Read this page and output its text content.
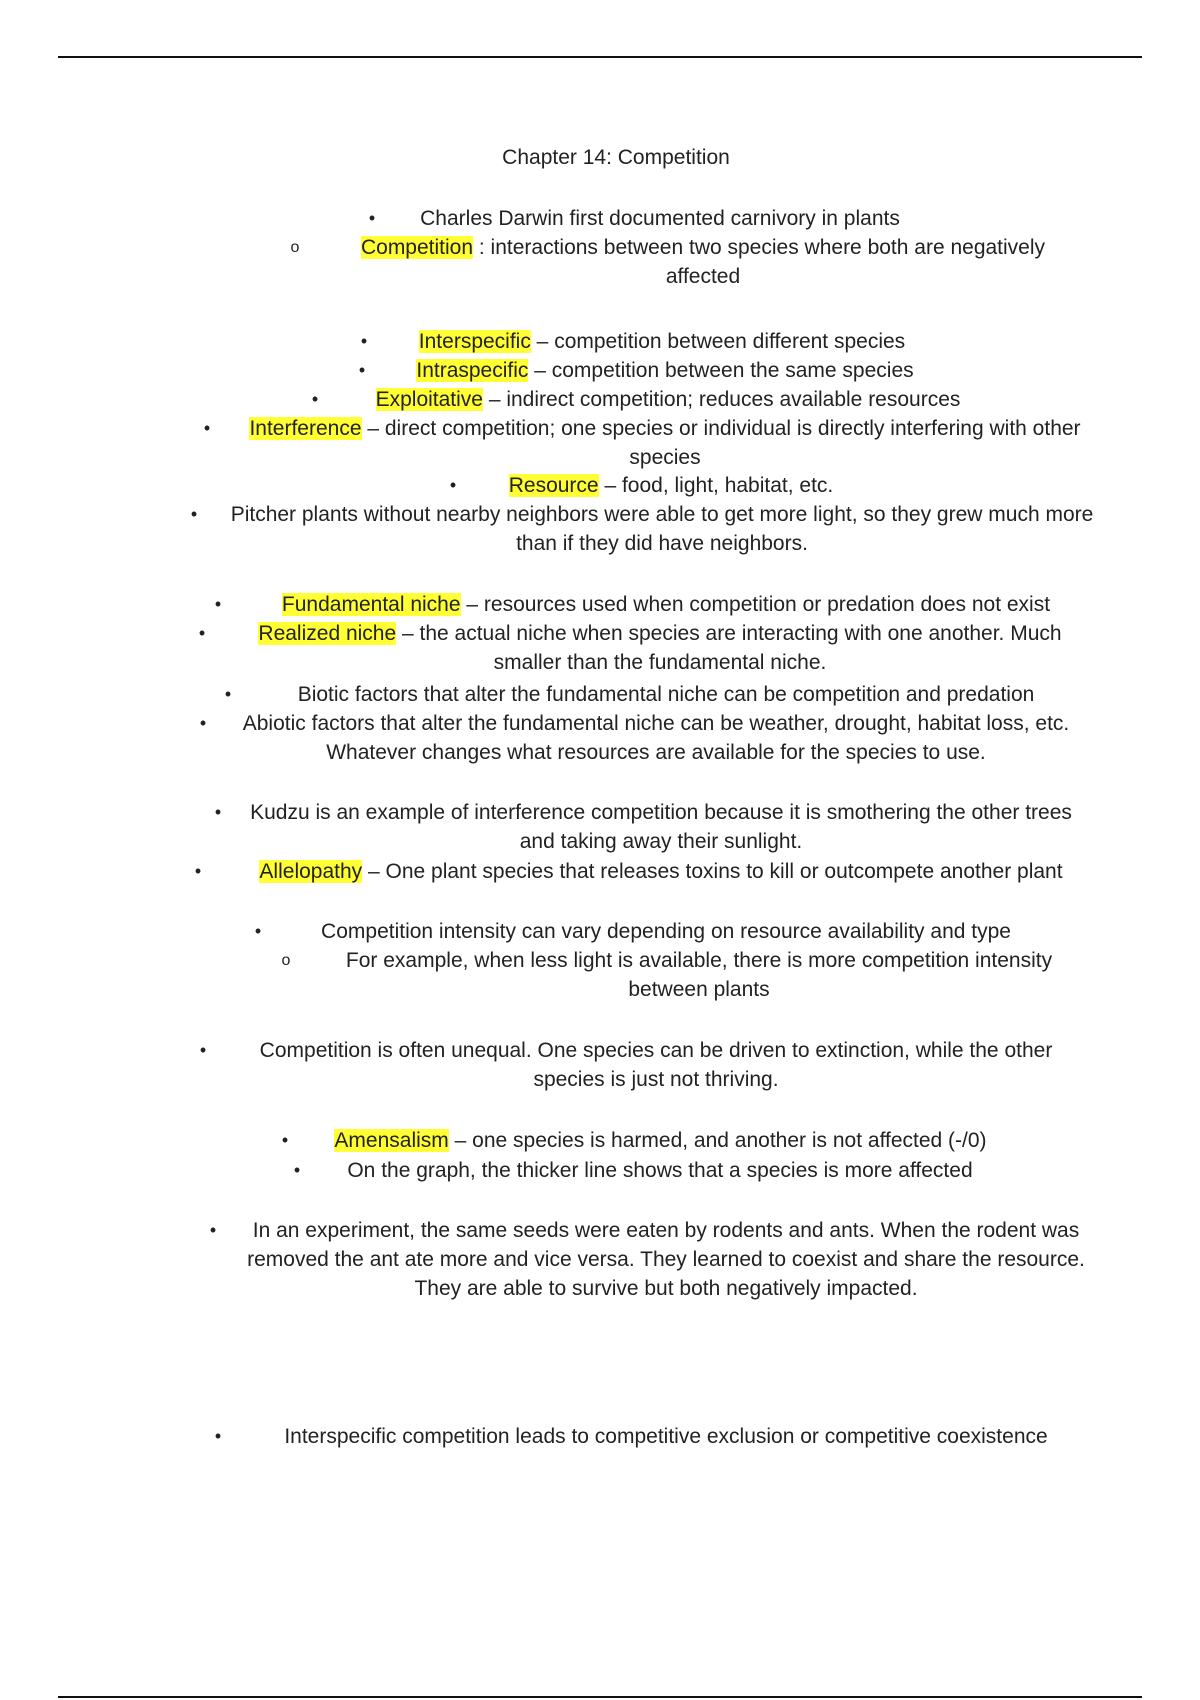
Chapter 14: Competition
•	Charles Darwin first documented carnivory in plants
o	Competition : interactions between two species where both are negatively affected
•	Interspecific – competition between different species
•	Intraspecific – competition between the same species
•	Exploitative – indirect competition; reduces available resources
•	Interference – direct competition; one species or individual is directly interfering with other species
•	Resource – food, light, habitat, etc.
•	Pitcher plants without nearby neighbors were able to get more light, so they grew much more than if they did have neighbors.
•	Fundamental niche – resources used when competition or predation does not exist
•	Realized niche – the actual niche when species are interacting with one another. Much smaller than the fundamental niche.
•	Biotic factors that alter the fundamental niche can be competition and predation
•	Abiotic factors that alter the fundamental niche can be weather, drought, habitat loss, etc. Whatever changes what resources are available for the species to use.
•	Kudzu is an example of interference competition because it is smothering the other trees and taking away their sunlight.
•	Allelopathy – One plant species that releases toxins to kill or outcompete another plant
•	Competition intensity can vary depending on resource availability and type
o	For example, when less light is available, there is more competition intensity between plants
•	Competition is often unequal. One species can be driven to extinction, while the other species is just not thriving.
•	Amensalism – one species is harmed, and another is not affected (-/0)
•	On the graph, the thicker line shows that a species is more affected
•	In an experiment, the same seeds were eaten by rodents and ants. When the rodent was removed the ant ate more and vice versa. They learned to coexist and share the resource. They are able to survive but both negatively impacted.
•	Interspecific competition leads to competitive exclusion or competitive coexistence
